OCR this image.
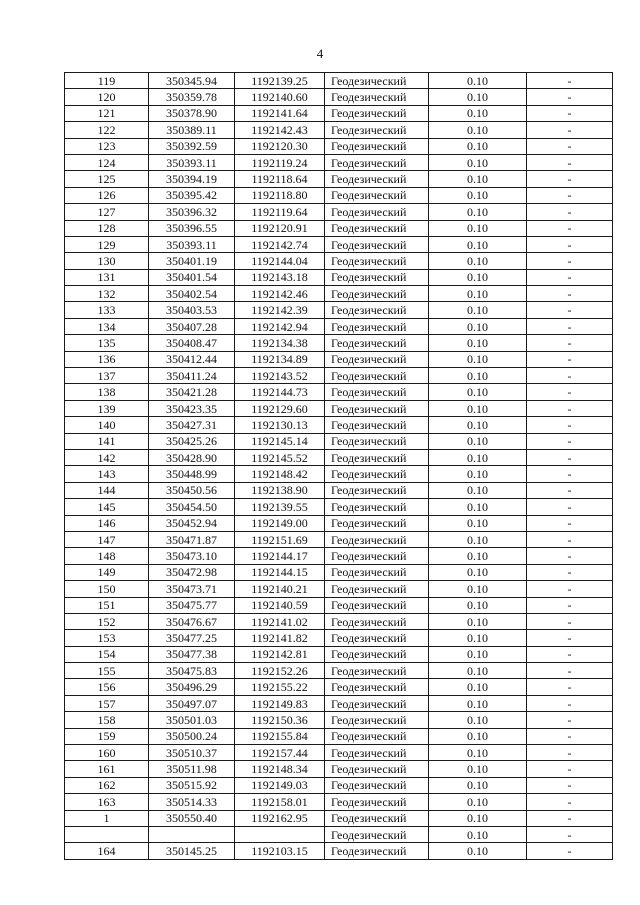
4
119	350345.94	1192139.25	Геодезический	0.10	-
120	350359.78	1192140.60	Геодезический	0.10	-
121	350378.90	1192141.64	Геодезический	0.10	-
122	350389.11	1192142.43	Геодезический	0.10	-
123	350392.59	1192120.30	Геодезический	0.10	-
124	350393.11	1192119.24	Геодезический	0.10	-
125	350394.19	1192118.64	Геодезический	0.10	-
126	350395.42	1192118.80	Геодезический	0.10	-
127	350396.32	1192119.64	Геодезический	0.10	-
128	350396.55	1192120.91	Геодезический	0.10	-
129	350393.11	1192142.74	Геодезический	0.10	-
130	350401.19	1192144.04	Геодезический	0.10	-
131	350401.54	1192143.18	Геодезический	0.10	-
132	350402.54	1192142.46	Геодезический	0.10	-
133	350403.53	1192142.39	Геодезический	0.10	-
134	350407.28	1192142.94	Геодезический	0.10	-
135	350408.47	1192134.38	Геодезический	0.10	-
136	350412.44	1192134.89	Геодезический	0.10	-
137	350411.24	1192143.52	Геодезический	0.10	-
138	350421.28	1192144.73	Геодезический	0.10	-
139	350423.35	1192129.60	Геодезический	0.10	-
140	350427.31	1192130.13	Геодезический	0.10	-
141	350425.26	1192145.14	Геодезический	0.10	-
142	350428.90	1192145.52	Геодезический	0.10	-
143	350448.99	1192148.42	Геодезический	0.10	-
144	350450.56	1192138.90	Геодезический	0.10	-
145	350454.50	1192139.55	Геодезический	0.10	-
146	350452.94	1192149.00	Геодезический	0.10	-
147	350471.87	1192151.69	Геодезический	0.10	-
148	350473.10	1192144.17	Геодезический	0.10	-
149	350472.98	1192144.15	Геодезический	0.10	-
150	350473.71	1192140.21	Геодезический	0.10	-
151	350475.77	1192140.59	Геодезический	0.10	-
152	350476.67	1192141.02	Геодезический	0.10	-
153	350477.25	1192141.82	Геодезический	0.10	-
154	350477.38	1192142.81	Геодезический	0.10	-
155	350475.83	1192152.26	Геодезический	0.10	-
156	350496.29	1192155.22	Геодезический	0.10	-
157	350497.07	1192149.83	Геодезический	0.10	-
158	350501.03	1192150.36	Геодезический	0.10	-
159	350500.24	1192155.84	Геодезический	0.10	-
160	350510.37	1192157.44	Геодезический	0.10	-
161	350511.98	1192148.34	Геодезический	0.10	-
162	350515.92	1192149.03	Геодезический	0.10	-
163	350514.33	1192158.01	Геодезический	0.10	-
1	350550.40	1192162.95	Геодезический	0.10	-
			Геодезический	0.10	-
164	350145.25	1192103.15	Геодезический	0.10	-
